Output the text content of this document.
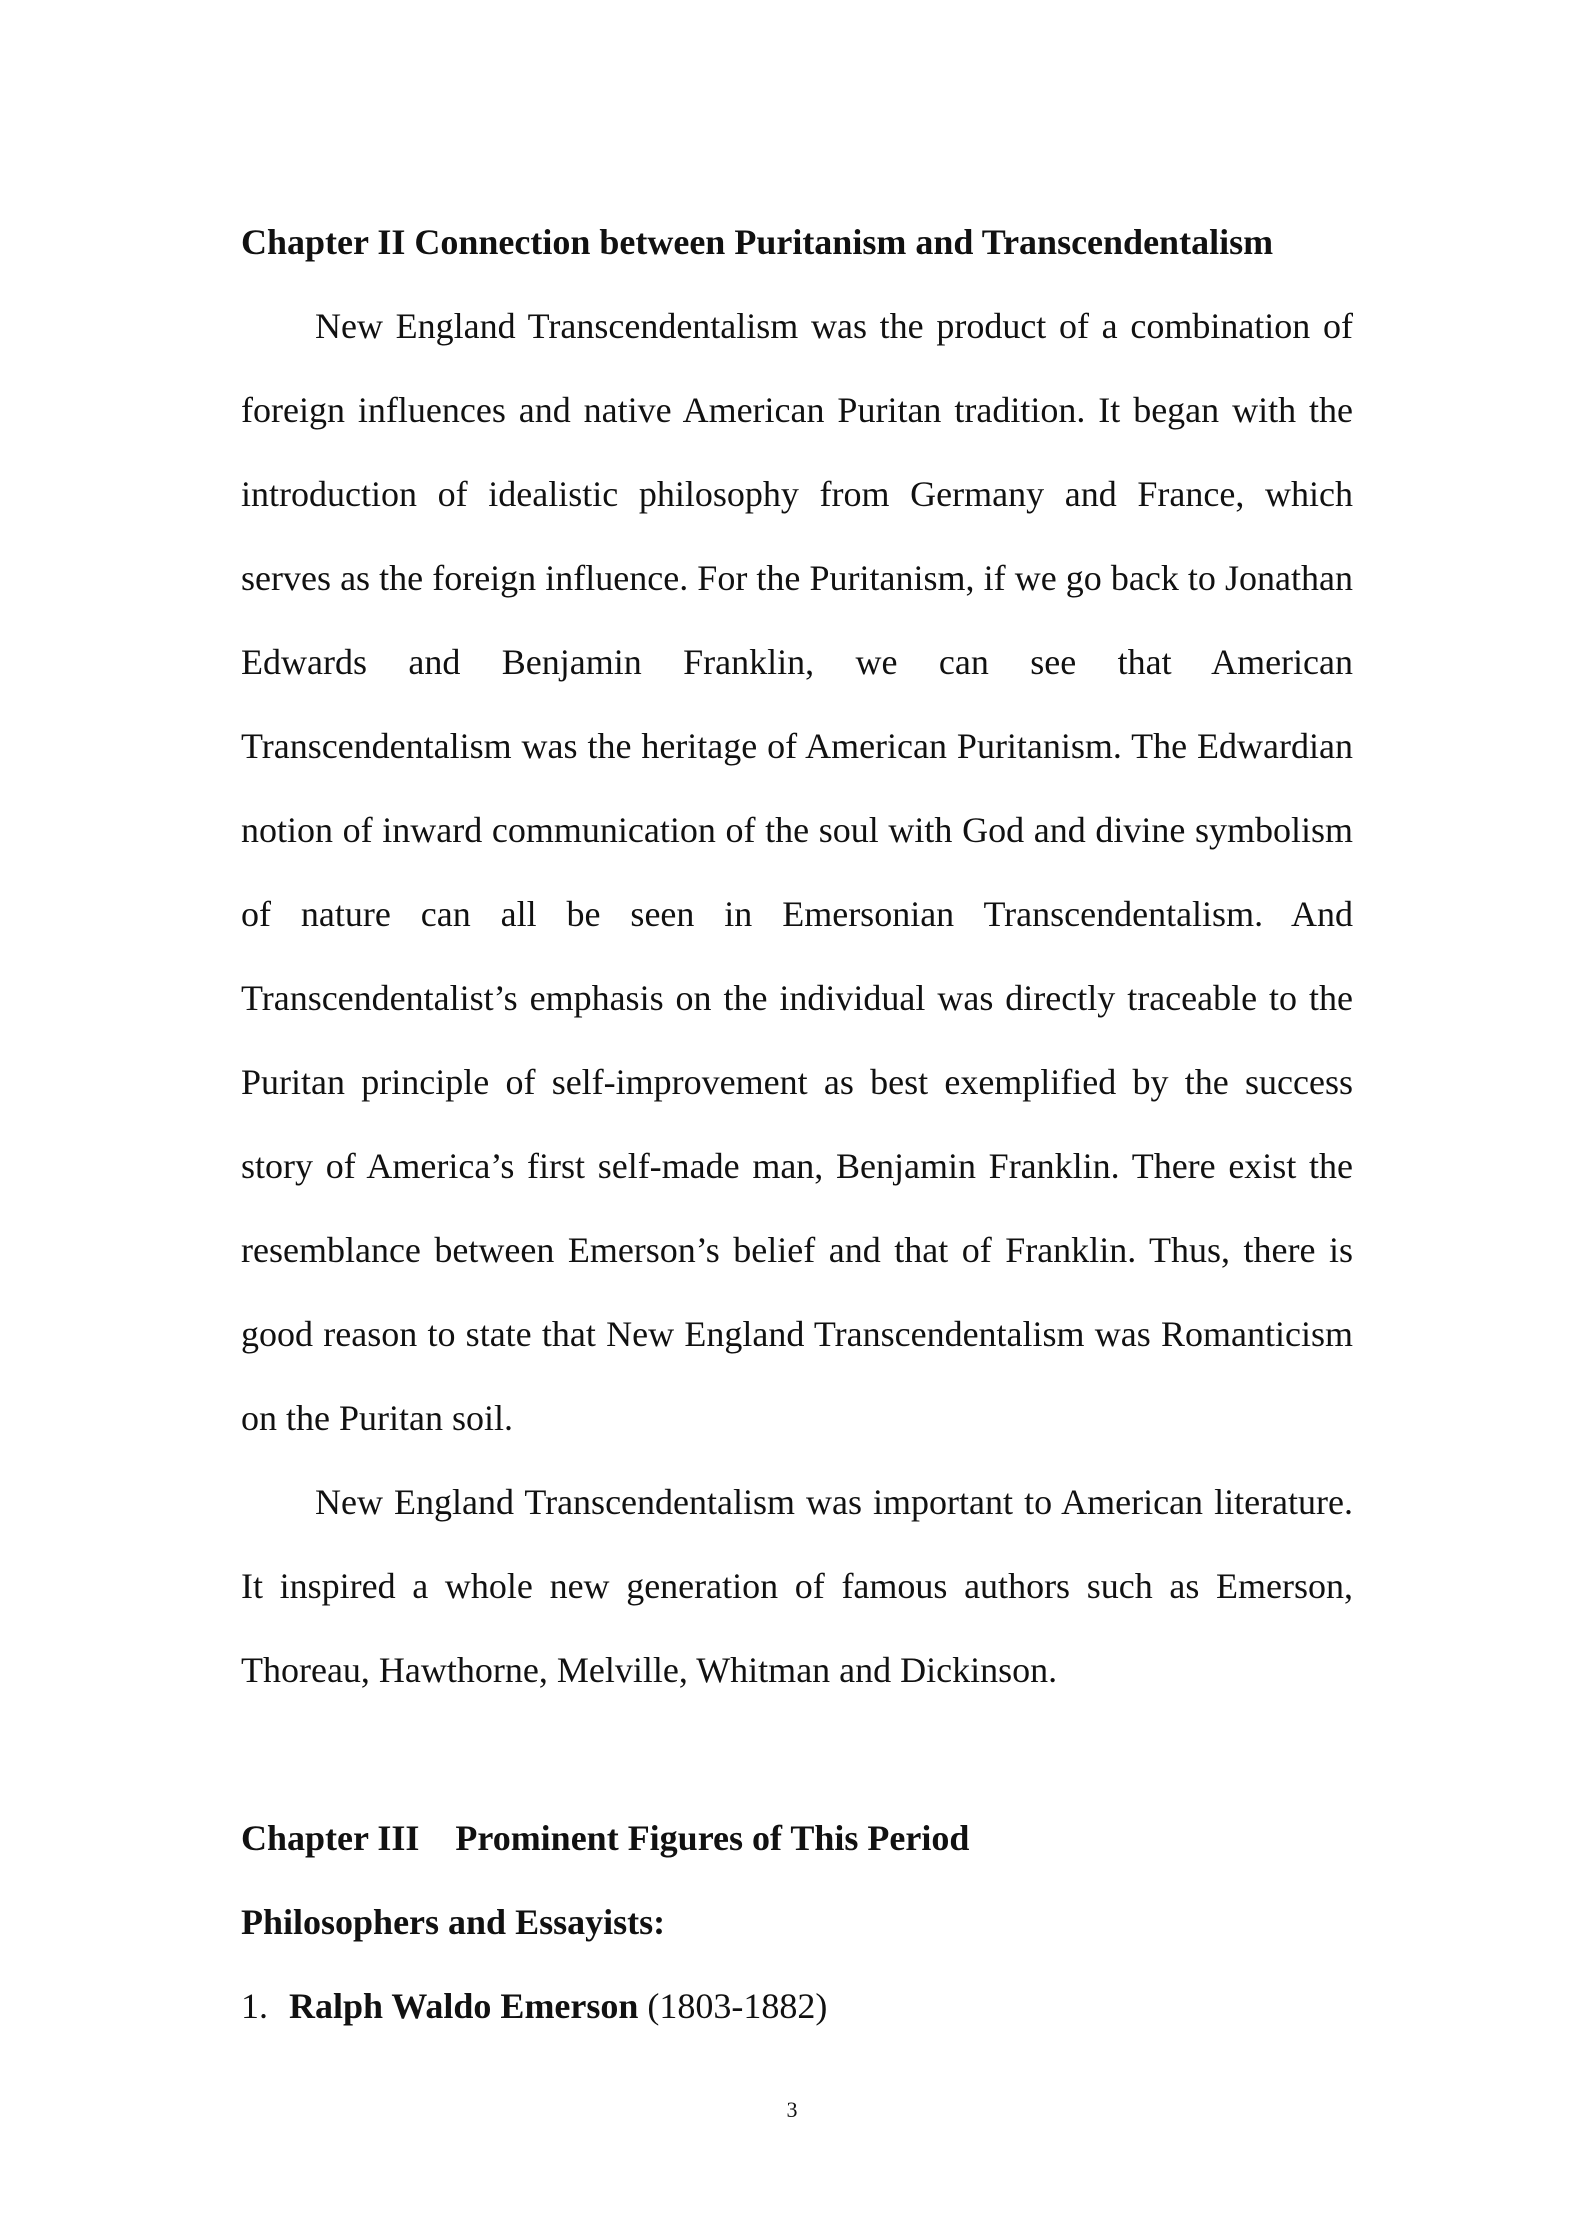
Chapter II Connection between Puritanism and Transcendentalism

New England Transcendentalism was the product of a combination of foreign influences and native American Puritan tradition. It began with the introduction of idealistic philosophy from Germany and France, which serves as the foreign influence. For the Puritanism, if we go back to Jonathan Edwards and Benjamin Franklin, we can see that American Transcendentalism was the heritage of American Puritanism. The Edwardian notion of inward communication of the soul with God and divine symbolism of nature can all be seen in Emersonian Transcendentalism. And Transcendentalist’s emphasis on the individual was directly traceable to the Puritan principle of self-improvement as best exemplified by the success story of America’s first self-made man, Benjamin Franklin. There exist the resemblance between Emerson’s belief and that of Franklin. Thus, there is good reason to state that New England Transcendentalism was Romanticism on the Puritan soil.

New England Transcendentalism was important to American literature. It inspired a whole new generation of famous authors such as Emerson, Thoreau, Hawthorne, Melville, Whitman and Dickinson.

Chapter III Prominent Figures of This Period

Philosophers and Essayists:

1. Ralph Waldo Emerson (1803-1882)

3
